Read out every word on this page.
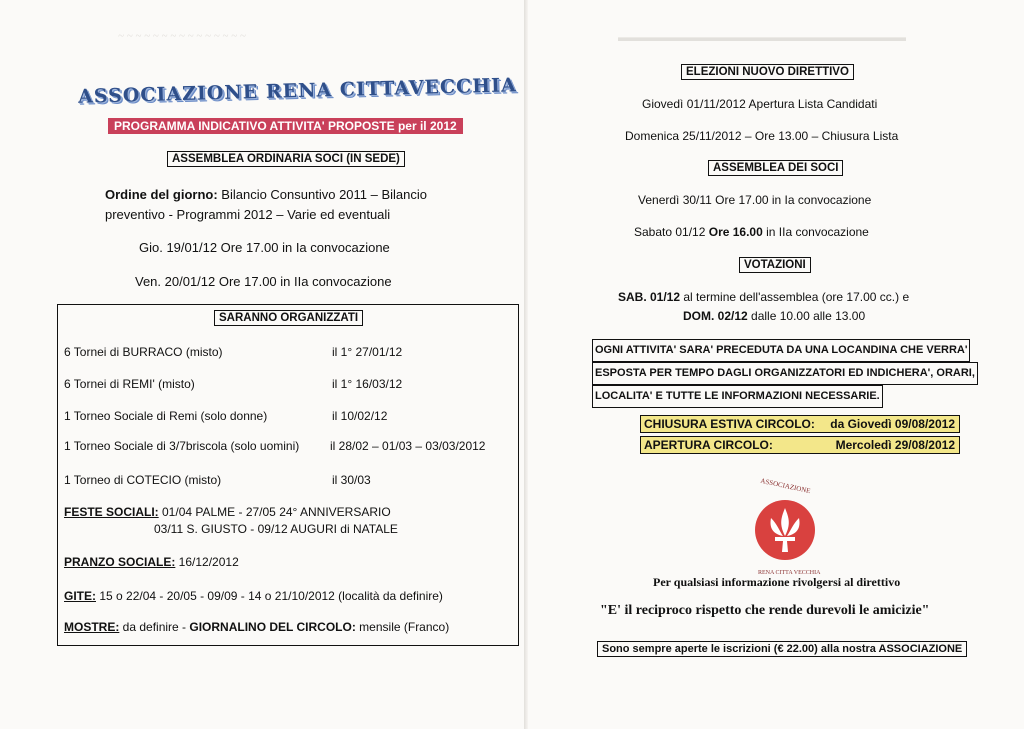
~ ~ ~ ~ ~ ~ ~ ~ ~ ~ ~ ~ ~ ~ ~
ASSOCIAZIONE RENA CITTAVECCHIA
PROGRAMMA INDICATIVO ATTIVITA' PROPOSTE per il 2012
ASSEMBLEA ORDINARIA SOCI (IN SEDE)
Ordine del giorno: Bilancio Consuntivo 2011 – Bilancio
preventivo - Programmi 2012 – Varie ed eventuali
Gio. 19/01/12 Ore 17.00 in Ia convocazione
Ven. 20/01/12 Ore 17.00 in IIa convocazione
SARANNO ORGANIZZATI
6 Tornei di BURRACO (misto)	il 1° 27/01/12
6 Tornei di REMI' (misto)	il 1° 16/03/12
1 Torneo Sociale di Remi (solo donne)	il 10/02/12
1 Torneo Sociale di 3/7briscola (solo uomini)	il 28/02 – 01/03 – 03/03/2012
1 Torneo di COTECIO (misto)	il 30/03
FESTE SOCIALI: 01/04 PALME - 27/05 24° ANNIVERSARIO
03/11 S. GIUSTO - 09/12 AUGURI di NATALE
PRANZO SOCIALE: 16/12/2012
GITE: 15 o 22/04 - 20/05 - 09/09 - 14 o 21/10/2012 (località da definire)
MOSTRE: da definire - GIORNALINO DEL CIRCOLO: mensile (Franco)
▬▬▬▬▬▬▬▬▬▬▬▬▬▬▬▬▬▬▬▬▬▬▬▬
ELEZIONI NUOVO DIRETTIVO
Giovedì 01/11/2012 Apertura Lista Candidati
Domenica 25/11/2012 – Ore 13.00 – Chiusura Lista
ASSEMBLEA DEI SOCI
Venerdì 30/11 Ore 17.00 in Ia convocazione
Sabato 01/12 Ore 16.00 in IIa convocazione
VOTAZIONI
SAB. 01/12 al termine dell'assemblea (ore 17.00 cc.) e
DOM. 02/12 dalle 10.00 alle 13.00
OGNI ATTIVITA' SARA' PRECEDUTA DA UNA LOCANDINA CHE VERRA'
ESPOSTA PER TEMPO DAGLI ORGANIZZATORI ED INDICHERA', ORARI,
LOCALITA' E TUTTE LE INFORMAZIONI NECESSARIE.
CHIUSURA ESTIVA CIRCOLO: da Giovedì 09/08/2012
APERTURA CIRCOLO:	Mercoledì 29/08/2012
ASSOCIAZIONE
RENA CITTA VECCHIA
Per qualsiasi informazione rivolgersi al direttivo
"E' il reciproco rispetto che rende durevoli le amicizie"
Sono sempre aperte le iscrizioni (€ 22.00) alla nostra ASSOCIAZIONE
